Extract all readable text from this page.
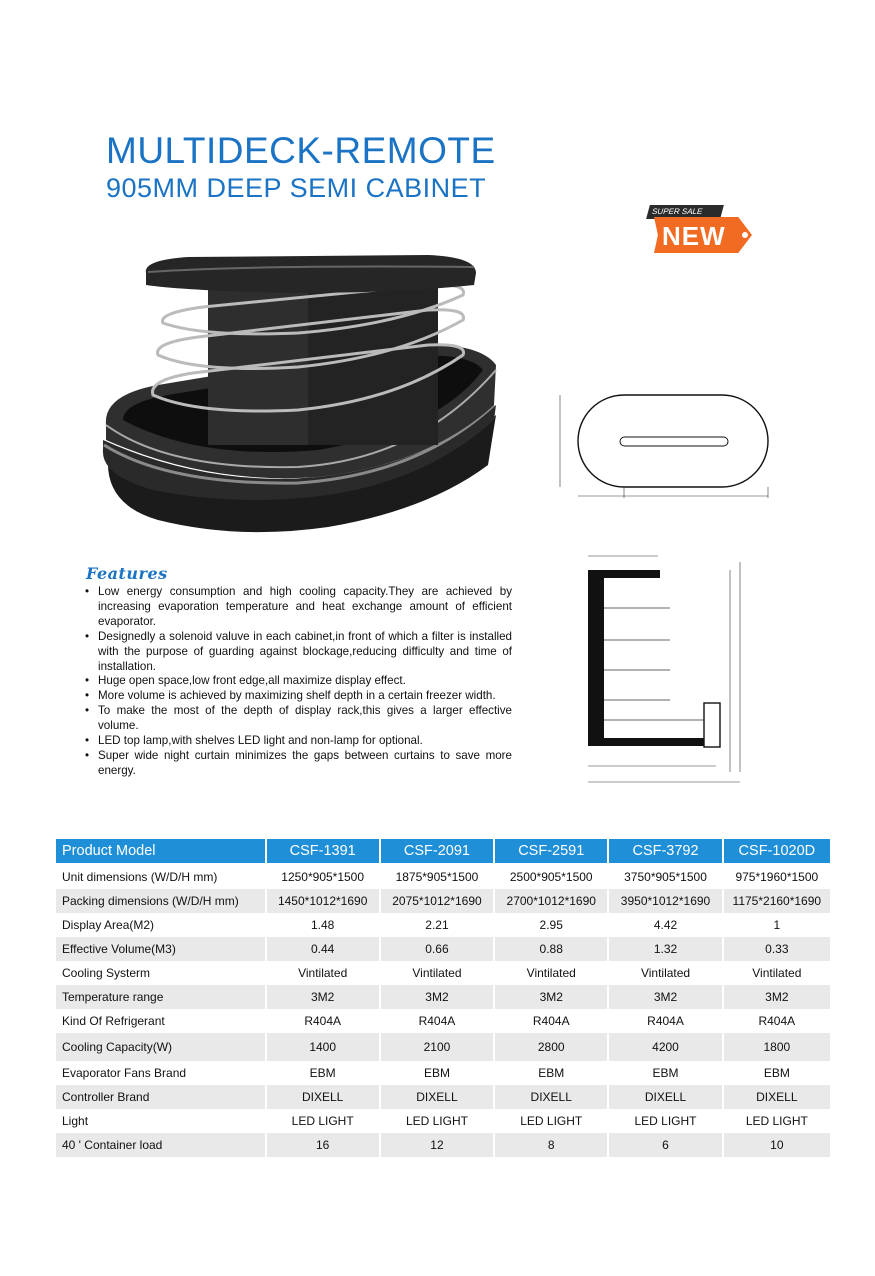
MULTIDECK-REMOTE
905MM DEEP SEMI CABINET
SUPER SALE
NEW
Features
• Low energy consumption and high cooling capacity.They are achieved by increasing evaporation temperature and heat exchange amount of efficient evaporator.
• Designedly a solenoid valuve in each cabinet,in front of which a filter is installed with the purpose of guarding against blockage,reducing difficulty and time of installation.
• Huge open space,low front edge,all maximize display effect.
• More volume is achieved by maximizing shelf depth in a certain freezer width.
• To make the most of the depth of display rack,this gives a larger effective volume.
• LED top lamp,with shelves LED light and non-lamp for optional.
• Super wide night curtain minimizes the gaps between curtains to save more energy.
Product Model	CSF-1391	CSF-2091	CSF-2591	CSF-3792	CSF-1020D
Unit dimensions (W/D/H mm)	1250*905*1500	1875*905*1500	2500*905*1500	3750*905*1500	975*1960*1500
Packing dimensions (W/D/H mm)	1450*1012*1690	2075*1012*1690	2700*1012*1690	3950*1012*1690	1175*2160*1690
Display Area(M2)	1.48	2.21	2.95	4.42	1
Effective Volume(M3)	0.44	0.66	0.88	1.32	0.33
Cooling Systerm	Vintilated	Vintilated	Vintilated	Vintilated	Vintilated
Temperature range	3M2	3M2	3M2	3M2	3M2
Kind Of Refrigerant	R404A	R404A	R404A	R404A	R404A
Cooling Capacity(W)	1400	2100	2800	4200	1800
Evaporator Fans Brand	EBM	EBM	EBM	EBM	EBM
Controller Brand	DIXELL	DIXELL	DIXELL	DIXELL	DIXELL
Light	LED LIGHT	LED LIGHT	LED LIGHT	LED LIGHT	LED LIGHT
40 ' Container load	16	12	8	6	10
